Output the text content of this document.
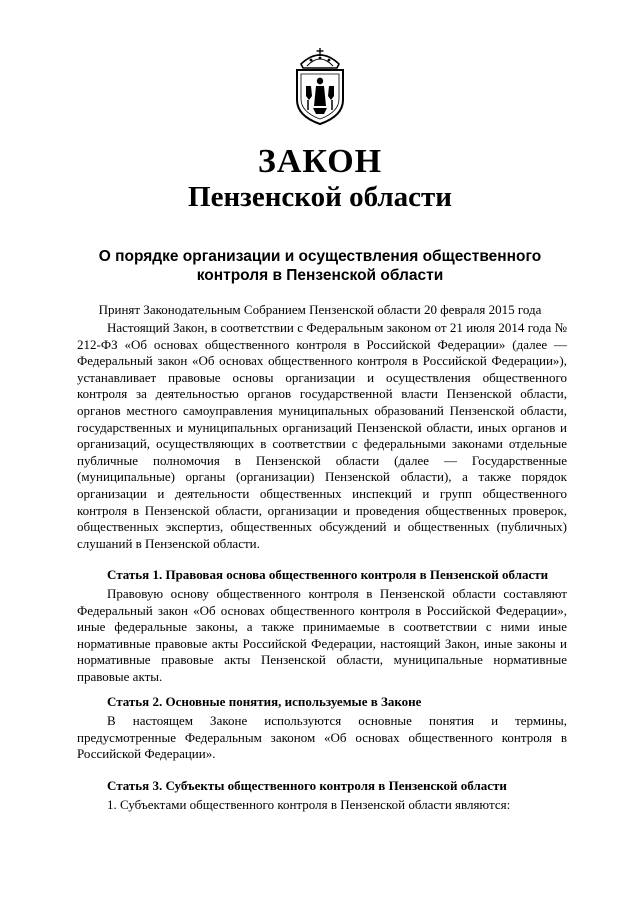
ЗАКОН
Пензенской области
О порядке организации и осуществления общественного
контроля в Пензенской области
Принят Законодательным Собранием Пензенской области 20 февраля 2015 года

Настоящий Закон, в соответствии с Федеральным законом от 21 июля 2014 года № 212-ФЗ «Об основах общественного контроля в Российской Федерации» (далее — Федеральный закон «Об основах общественного контроля в Российской Федерации»), устанавливает правовые основы организации и осуществления общественного контроля за деятельностью органов государственной власти Пензенской области, органов местного самоуправления муниципальных образований Пензенской области, государственных и муниципальных организаций Пензенской области, иных органов и организаций, осуществляющих в соответствии с федеральными законами отдельные публичные полномочия в Пензенской области (далее — Государственные (муниципальные) органы (организации) Пензенской области), а также порядок организации и деятельности общественных инспекций и групп общественного контроля в Пензенской области, организации и проведения общественных проверок, общественных экспертиз, общественных обсуждений и общественных (публичных) слушаний в Пензенской области.

Статья 1. Правовая основа общественного контроля в Пензенской области

Правовую основу общественного контроля в Пензенской области составляют Федеральный закон «Об основах общественного контроля в Российской Федерации», иные федеральные законы, а также принимаемые в соответствии с ними иные нормативные правовые акты Российской Федерации, настоящий Закон, иные законы и нормативные правовые акты Пензенской области, муниципальные нормативные правовые акты.

Статья 2. Основные понятия, используемые в Законе

В настоящем Законе используются основные понятия и термины, предусмотренные Федеральным законом «Об основах общественного контроля в Российской Федерации».

Статья 3. Субъекты общественного контроля в Пензенской области

1. Субъектами общественного контроля в Пензенской области являются:
